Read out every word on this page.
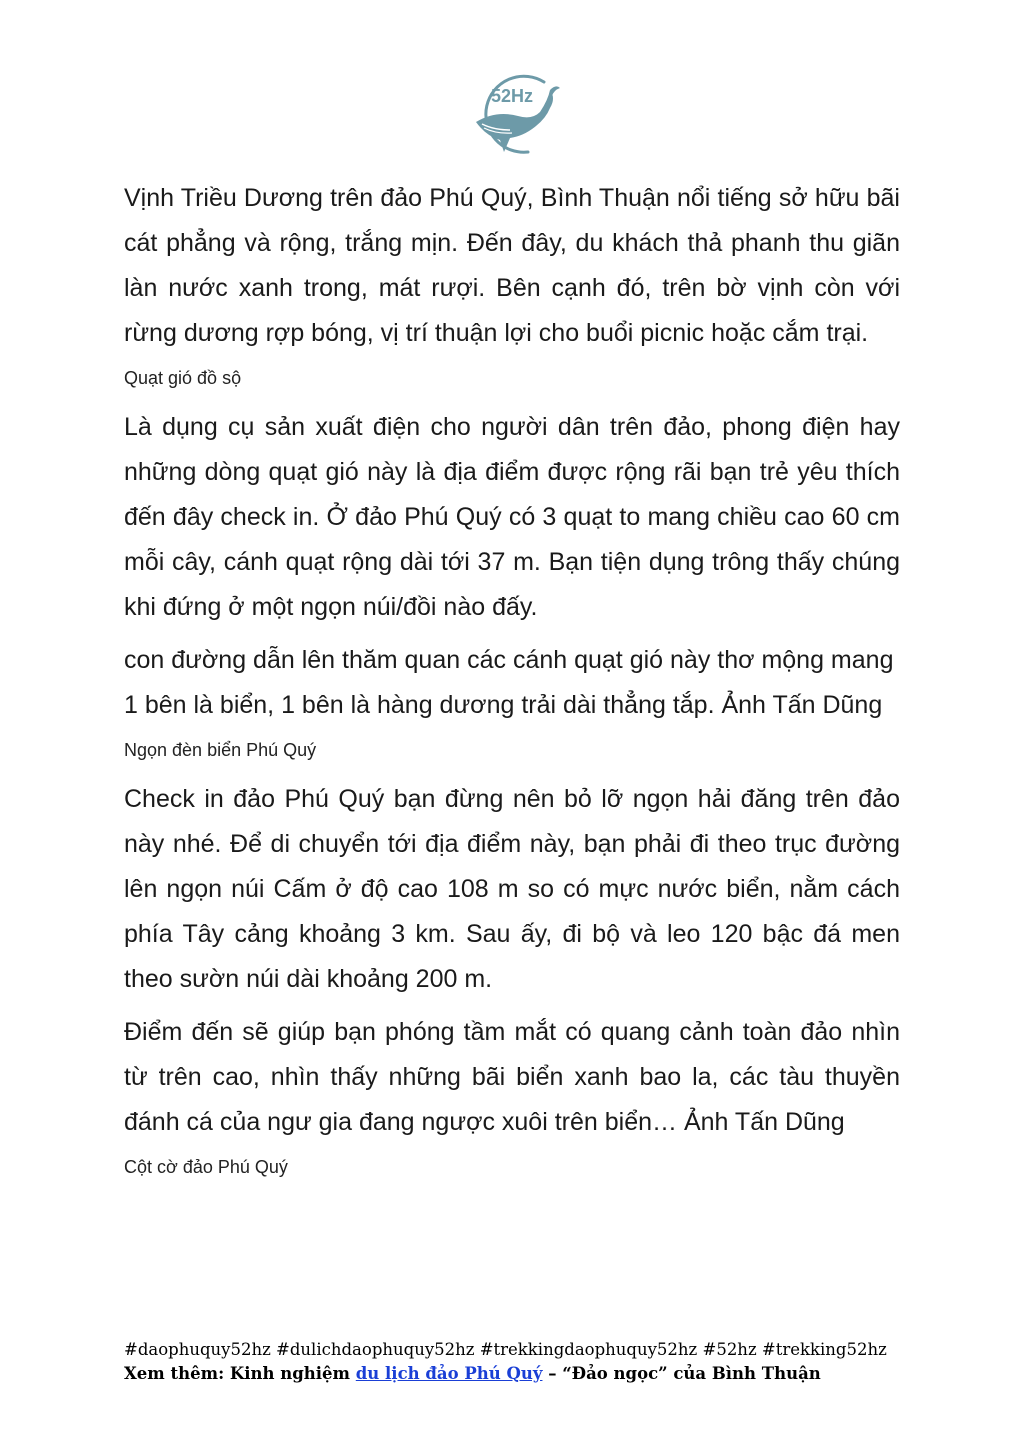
52Hz

Vịnh Triều Dương trên đảo Phú Quý, Bình Thuận nổi tiếng sở hữu bãi cát phẳng và rộng, trắng mịn. Đến đây, du khách thả phanh thu giãn làn nước xanh trong, mát rượi. Bên cạnh đó, trên bờ vịnh còn với rừng dương rợp bóng, vị trí thuận lợi cho buổi picnic hoặc cắm trại.

Quạt gió đồ sộ

Là dụng cụ sản xuất điện cho người dân trên đảo, phong điện hay những dòng quạt gió này là địa điểm được rộng rãi bạn trẻ yêu thích đến đây check in. Ở đảo Phú Quý có 3 quạt to mang chiều cao 60 cm mỗi cây, cánh quạt rộng dài tới 37 m. Bạn tiện dụng trông thấy chúng khi đứng ở một ngọn núi/đồi nào đấy.

con đường dẫn lên thăm quan các cánh quạt gió này thơ mộng mang 1 bên là biển, 1 bên là hàng dương trải dài thẳng tắp. Ảnh Tấn Dũng

Ngọn đèn biển Phú Quý

Check in đảo Phú Quý bạn đừng nên bỏ lỡ ngọn hải đăng trên đảo này nhé. Để di chuyển tới địa điểm này, bạn phải đi theo trục đường lên ngọn núi Cấm ở độ cao 108 m so có mực nước biển, nằm cách phía Tây cảng khoảng 3 km. Sau ấy, đi bộ và leo 120 bậc đá men theo sườn núi dài khoảng 200 m.

Điểm đến sẽ giúp bạn phóng tầm mắt có quang cảnh toàn đảo nhìn từ trên cao, nhìn thấy những bãi biển xanh bao la, các tàu thuyền đánh cá của ngư gia đang ngược xuôi trên biển… Ảnh Tấn Dũng

Cột cờ đảo Phú Quý

#daophuquy52hz #dulichdaophuquy52hz #trekkingdaophuquy52hz #52hz #trekking52hz
Xem thêm: Kinh nghiệm du lịch đảo Phú Quý – “Đảo ngọc” của Bình Thuận
